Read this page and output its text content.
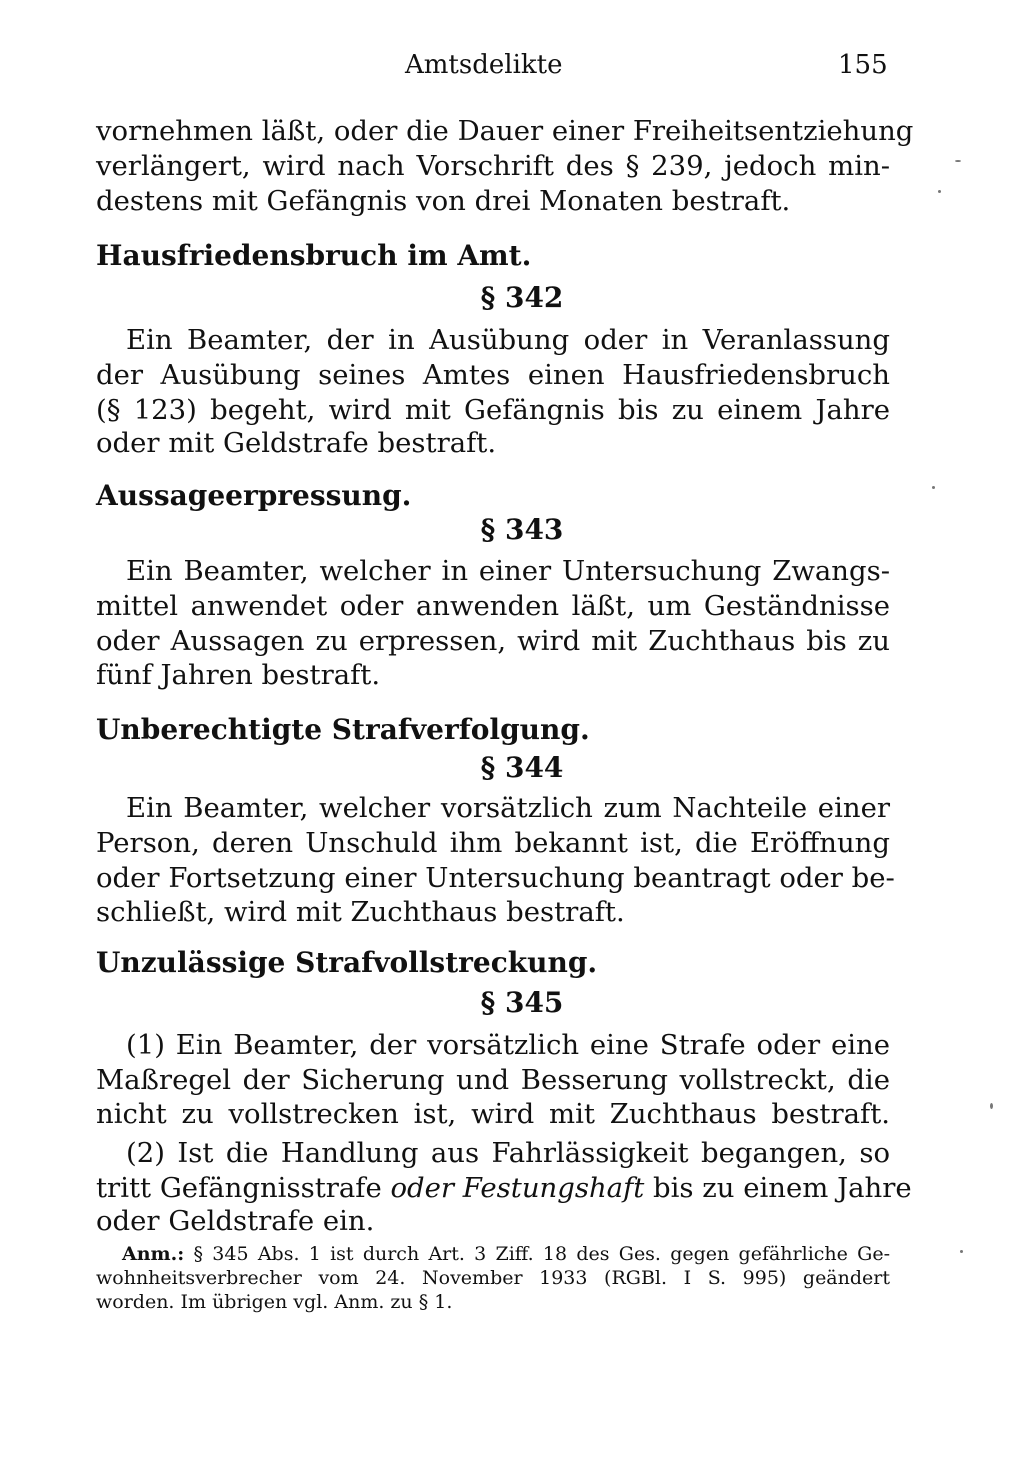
Amtsdelikte	155
vornehmen läßt, oder die Dauer einer Freiheitsentziehung
verlängert, wird nach Vorschrift des § 239, jedoch min-
destens mit Gefängnis von drei Monaten bestraft.
Hausfriedensbruch im Amt.
§ 342
Ein Beamter, der in Ausübung oder in Veranlassung
der Ausübung seines Amtes einen Hausfriedensbruch
(§ 123) begeht, wird mit Gefängnis bis zu einem Jahre
oder mit Geldstrafe bestraft.
Aussageerpressung.
§ 343
Ein Beamter, welcher in einer Untersuchung Zwangs-
mittel anwendet oder anwenden läßt, um Geständnisse
oder Aussagen zu erpressen, wird mit Zuchthaus bis zu
fünf Jahren bestraft.
Unberechtigte Strafverfolgung.
§ 344
Ein Beamter, welcher vorsätzlich zum Nachteile einer
Person, deren Unschuld ihm bekannt ist, die Eröffnung
oder Fortsetzung einer Untersuchung beantragt oder be-
schließt, wird mit Zuchthaus bestraft.
Unzulässige Strafvollstreckung.
§ 345
(1) Ein Beamter, der vorsätzlich eine Strafe oder eine
Maßregel der Sicherung und Besserung vollstreckt, die
nicht zu vollstrecken ist, wird mit Zuchthaus bestraft.
(2) Ist die Handlung aus Fahrlässigkeit begangen, so
tritt Gefängnisstrafe oder Festungshaft bis zu einem Jahre
oder Geldstrafe ein.
Anm.: § 345 Abs. 1 ist durch Art. 3 Ziff. 18 des Ges. gegen gefährliche Ge-
wohnheitsverbrecher vom 24. November 1933 (RGBl. I S. 995) geändert
worden. Im übrigen vgl. Anm. zu § 1.
